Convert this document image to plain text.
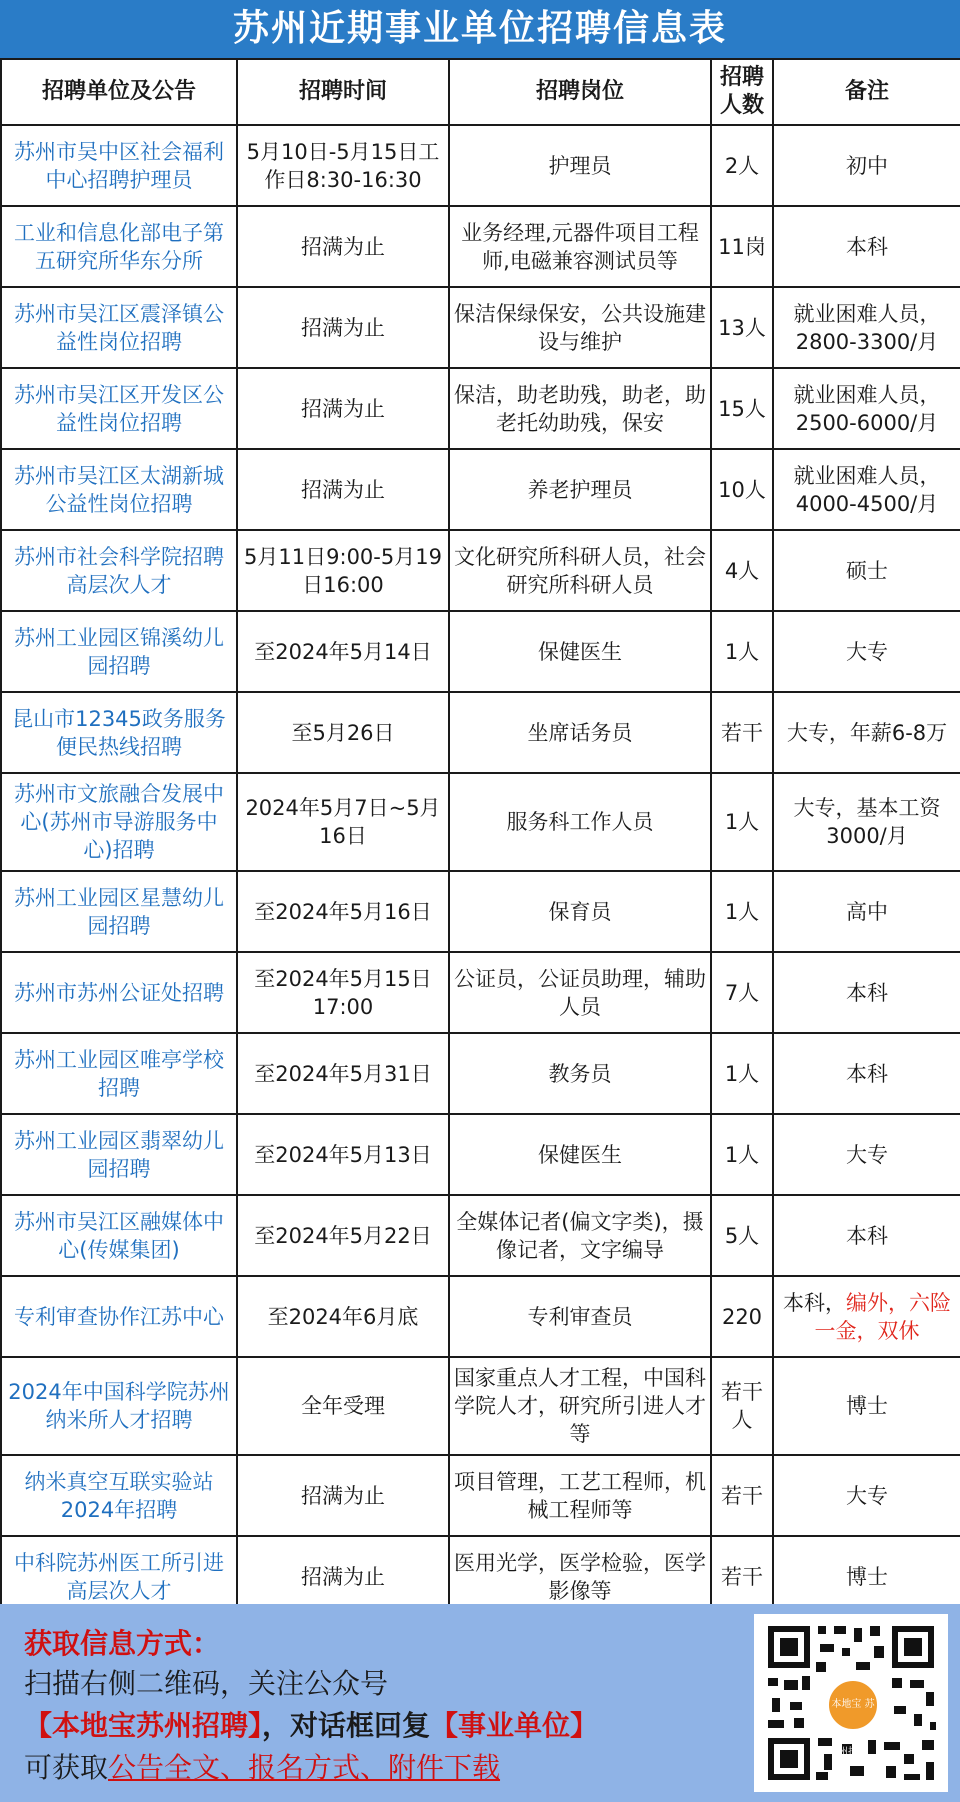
苏州近期事业单位招聘信息表
招聘单位及公告	招聘时间	招聘岗位	招聘人数	备注
苏州市吴中区社会福利中心招聘护理员	5月10日-5月15日工作日8:30-16:30	护理员	2人	初中
工业和信息化部电子第五研究所华东分所	招满为止	业务经理,元器件项目工程师,电磁兼容测试员等	11岗	本科
苏州市吴江区震泽镇公益性岗位招聘	招满为止	保洁保绿保安，公共设施建设与维护	13人	就业困难人员，2800-3300/月
苏州市吴江区开发区公益性岗位招聘	招满为止	保洁，助老助残，助老，助老托幼助残，保安	15人	就业困难人员，2500-6000/月
苏州市吴江区太湖新城公益性岗位招聘	招满为止	养老护理员	10人	就业困难人员，4000-4500/月
苏州市社会科学院招聘高层次人才	5月11日9:00-5月19日16:00	文化研究所科研人员，社会研究所科研人员	4人	硕士
苏州工业园区锦溪幼儿园招聘	至2024年5月14日	保健医生	1人	大专
昆山市12345政务服务便民热线招聘	至5月26日	坐席话务员	若干	大专，年薪6-8万
苏州市文旅融合发展中心(苏州市导游服务中心)招聘	2024年5月7日~5月16日	服务科工作人员	1人	大专，基本工资3000/月
苏州工业园区星慧幼儿园招聘	至2024年5月16日	保育员	1人	高中
苏州市苏州公证处招聘	至2024年5月15日17:00	公证员，公证员助理，辅助人员	7人	本科
苏州工业园区唯亭学校招聘	至2024年5月31日	教务员	1人	本科
苏州工业园区翡翠幼儿园招聘	至2024年5月13日	保健医生	1人	大专
苏州市吴江区融媒体中心(传媒集团)	至2024年5月22日	全媒体记者(偏文字类)，摄像记者，文字编导	5人	本科
专利审查协作江苏中心	至2024年6月底	专利审查员	220	本科，编外，六险一金，双休
2024年中国科学院苏州纳米所人才招聘	全年受理	国家重点人才工程，中国科学院人才，研究所引进人才等	若干人	博士
纳米真空互联实验站2024年招聘	招满为止	项目管理，工艺工程师，机械工程师等	若干	大专
中科院苏州医工所引进高层次人才	招满为止	医用光学，医学检验，医学影像等	若干	博士
获取信息方式：
扫描右侧二维码，关注公众号
【本地宝苏州招聘】，对话框回复【事业单位】
可获取公告全文、报名方式、附件下载
本地宝 苏州招聘
